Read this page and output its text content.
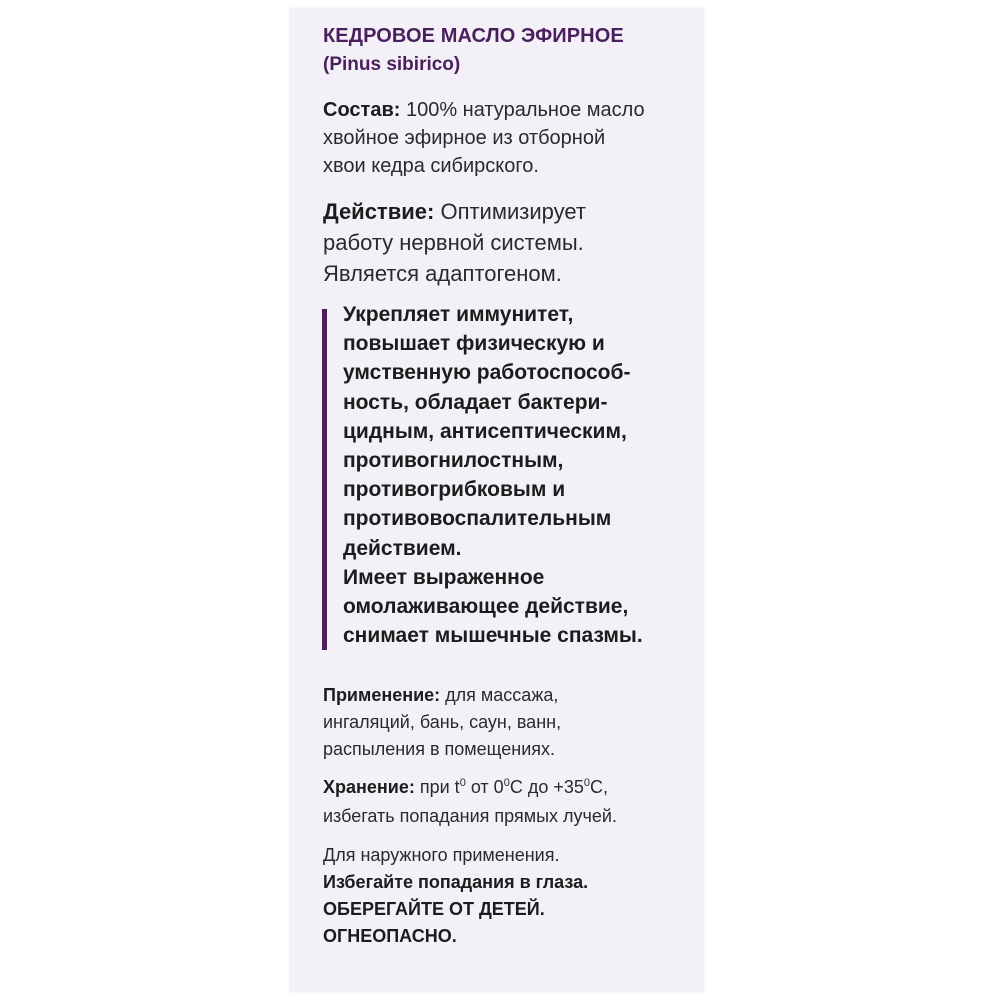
КЕДРОВОЕ МАСЛО ЭФИРНОЕ
(Pinus sibirico)
Состав: 100% натуральное масло
хвойное эфирное из отборной
хвои кедра сибирского.
Действие: Оптимизирует
работу нервной системы.
Является адаптогеном.
Укрепляет иммунитет,
повышает физическую и
умственную работоспособ-
ность, обладает бактери-
цидным, антисептическим,
противогнилостным,
противогрибковым и
противовоспалительным
действием.
Имеет выраженное
омолаживающее действие,
снимает мышечные спазмы.
Применение: для массажа,
ингаляций, бань, саун, ванн,
распыления в помещениях.
Хранение: при $t^0$ от $0^0C$ до $+35^0C$,
избегать попадания прямых лучей.
Для наружного применения.
Избегайте попадания в глаза.
ОБЕРЕГАЙТЕ ОТ ДЕТЕЙ.
ОГНЕОПАСНО.
